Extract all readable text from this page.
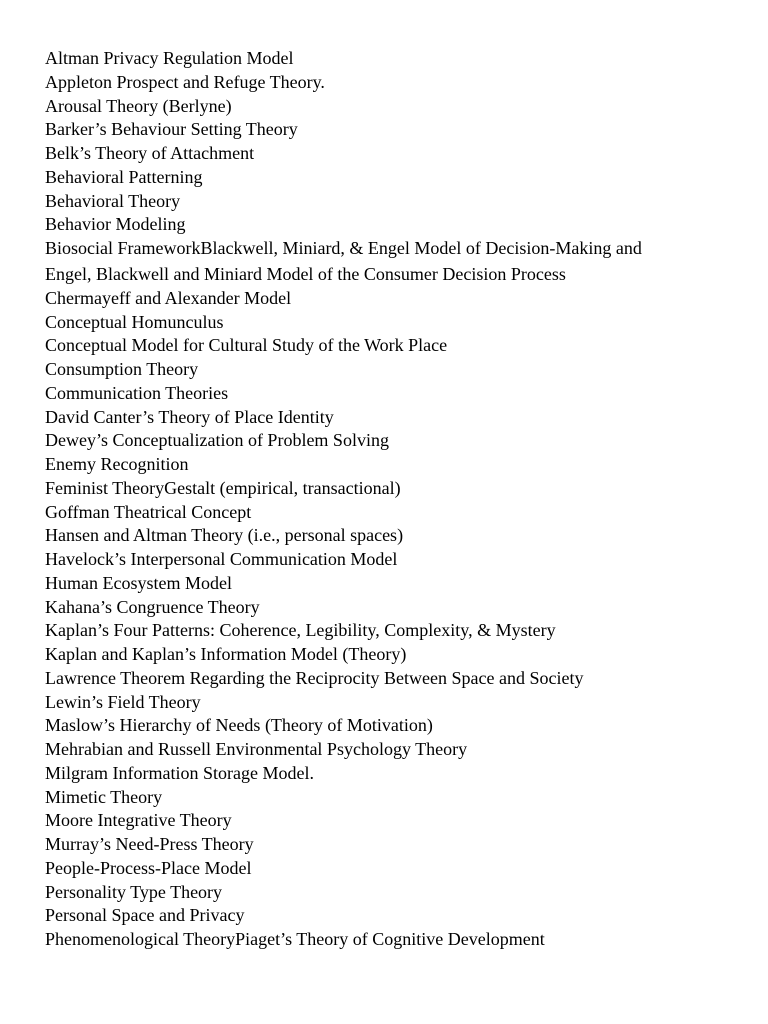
Altman Privacy Regulation Model
Appleton Prospect and Refuge Theory.
Arousal Theory (Berlyne)
Barker’s Behaviour Setting Theory
Belk’s Theory of Attachment
Behavioral Patterning
Behavioral Theory
Behavior Modeling
Biosocial FrameworkBlackwell, Miniard, & Engel Model of Decision-Making and
Engel, Blackwell and Miniard Model of the Consumer Decision Process
Chermayeff and Alexander Model
Conceptual Homunculus
Conceptual Model for Cultural Study of the Work Place
Consumption Theory
Communication Theories
David Canter’s Theory of Place Identity
Dewey’s Conceptualization of Problem Solving
Enemy Recognition
Feminist TheoryGestalt (empirical, transactional)
Goffman Theatrical Concept
Hansen and Altman Theory (i.e., personal spaces)
Havelock’s Interpersonal Communication Model
Human Ecosystem Model
Kahana’s Congruence Theory
Kaplan’s Four Patterns: Coherence, Legibility, Complexity, & Mystery
Kaplan and Kaplan’s Information Model (Theory)
Lawrence Theorem Regarding the Reciprocity Between Space and Society
Lewin’s Field Theory
Maslow’s Hierarchy of Needs (Theory of Motivation)
Mehrabian and Russell Environmental Psychology Theory
Milgram Information Storage Model.
Mimetic Theory
Moore Integrative Theory
Murray’s Need-Press Theory
People-Process-Place Model
Personality Type Theory
Personal Space and Privacy
Phenomenological TheoryPiaget’s Theory of Cognitive Development
